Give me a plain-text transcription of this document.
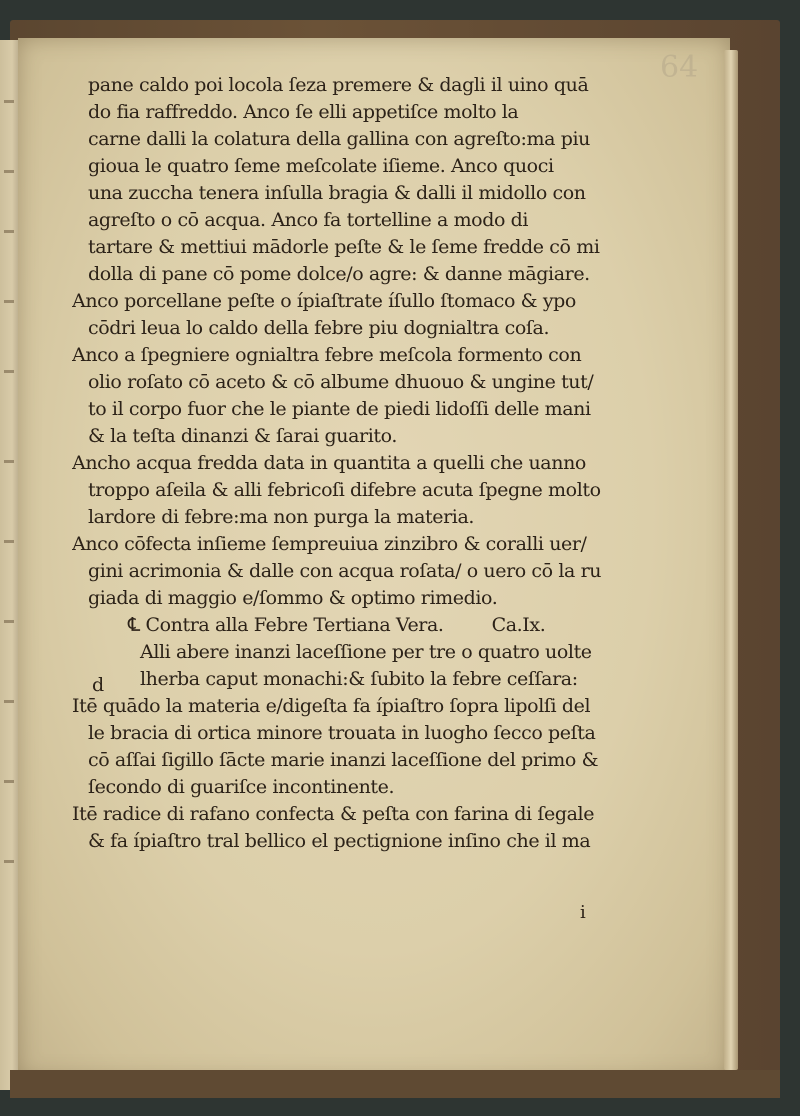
64
pane caldo poi locola ſeza premere & dagli il uino quā
do fia raffreddo. Anco ſe elli appetiſce molto la
carne dalli la colatura della gallina con agreſto:ma piu
gioua le quatro ſeme meſcolate iſieme. Anco quoci
una zuccha tenera inſulla bragia & dalli il midollo con
agreſto o cō acqua. Anco fa tortelline a modo di
tartare & mettiui mādorle peſte & le ſeme fredde cō mi
dolla di pane cō pome dolce/o agre: & danne māgiare.
Anco porcellane peſte o ípiaſtrate íſullo ſtomaco & ypo
cōdri leua lo caldo della febre piu dognialtra coſa.
Anco a ſpegniere ognialtra febre meſcola formento con
olio roſato cō aceto & cō albume dhuouo & ungine tut/
to il corpo fuor che le piante de piedi lidoſſi delle mani
& la teſta dinanzi & ſarai guarito.
Ancho acqua fredda data in quantita a quelli che uanno
troppo aſeila & alli febricoſi difebre acuta ſpegne molto
lardore di febre:ma non purga la materia.
Anco cōfecta inſieme ſempreuiua zinzibro & coralli uer/
gini acrimonia & dalle con acqua roſata/ o uero cō la ru
giada di maggio e/ſommo & optimo rimedio.
℄ Contra alla Febre Tertiana Vera.	Ca.Ix.
Alli abere inanzi laceſſione per tre o quatro uolte
lherba caput monachi:& ſubito la febre ceſſara:
Itē quādo la materia e/digeſta fa ípiaſtro ſopra lipolſi del
le bracia di ortica minore trouata in luogho ſecco peſta
cō aſſai ſigillo ſācte marie inanzi laceſſione del primo &
ſecondo di guariſce incontinente.
Itē radice di rafano confecta & peſta con farina di ſegale
& fa ípiaſtro tral bellico el pectignione inſino che il ma
d
i
